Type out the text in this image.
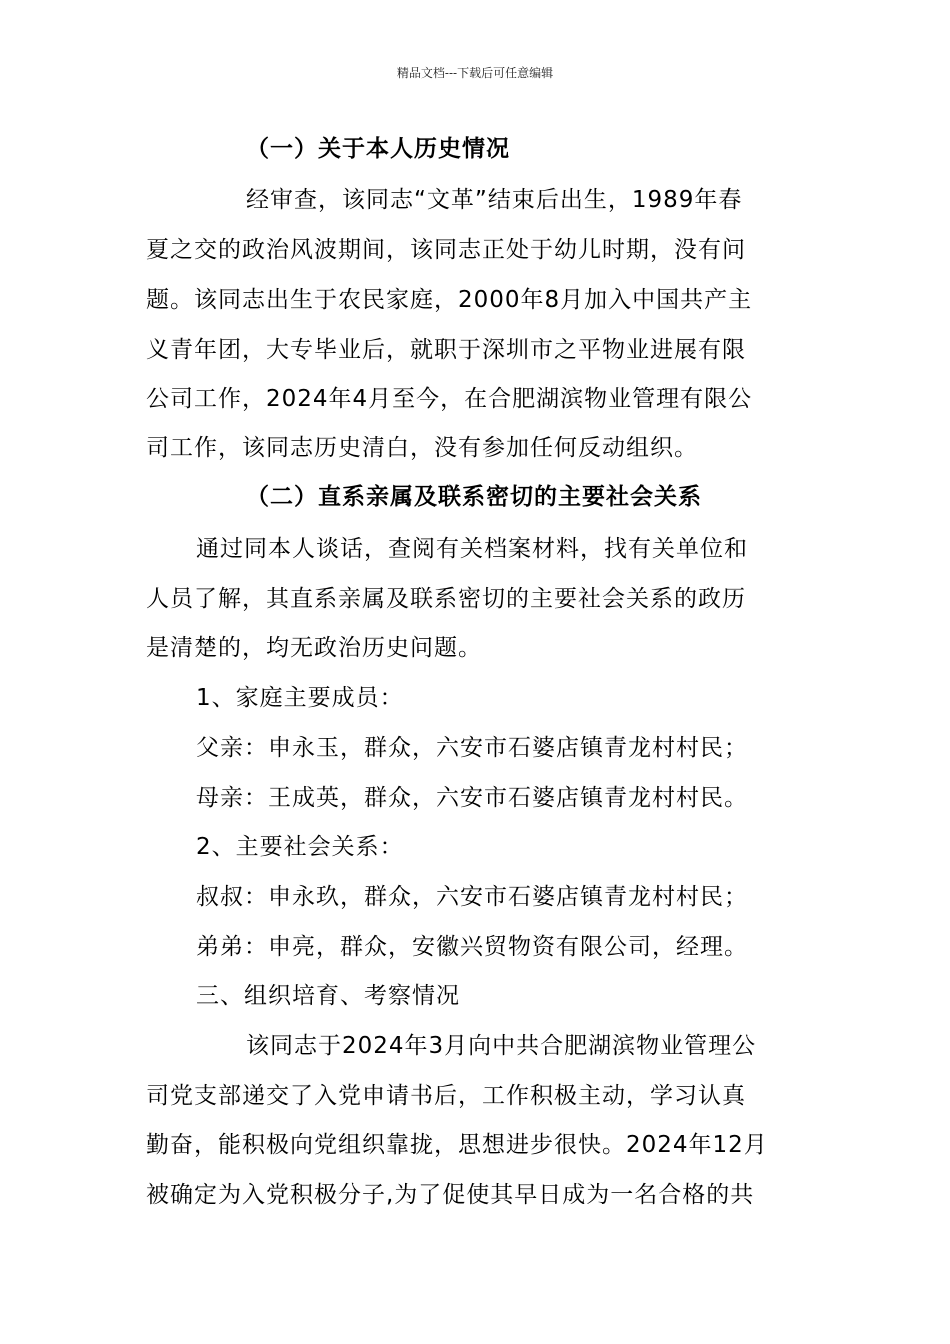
精品文档---下载后可任意编辑
（一）关于本人历史情况
经审查，该同志“文革”结束后出生，1989年春
夏之交的政治风波期间，该同志正处于幼儿时期，没有问
题。该同志出生于农民家庭，2000年8月加入中国共产主
义青年团，大专毕业后，就职于深圳市之平物业进展有限
公司工作，2024年4月至今，在合肥湖滨物业管理有限公
司工作，该同志历史清白，没有参加任何反动组织。
（二）直系亲属及联系密切的主要社会关系
通过同本人谈话，查阅有关档案材料，找有关单位和
人员了解，其直系亲属及联系密切的主要社会关系的政历
是清楚的，均无政治历史问题。
1、家庭主要成员：
父亲：申永玉，群众，六安市石婆店镇青龙村村民；
母亲：王成英，群众，六安市石婆店镇青龙村村民。
2、主要社会关系：
叔叔：申永玖，群众，六安市石婆店镇青龙村村民；
弟弟：申亮，群众，安徽兴贸物资有限公司，经理。
三、组织培育、考察情况
该同志于2024年3月向中共合肥湖滨物业管理公
司党支部递交了入党申请书后，工作积极主动，学习认真
勤奋，能积极向党组织靠拢，思想进步很快。2024年12月
被确定为入党积极分子,为了促使其早日成为一名合格的共
